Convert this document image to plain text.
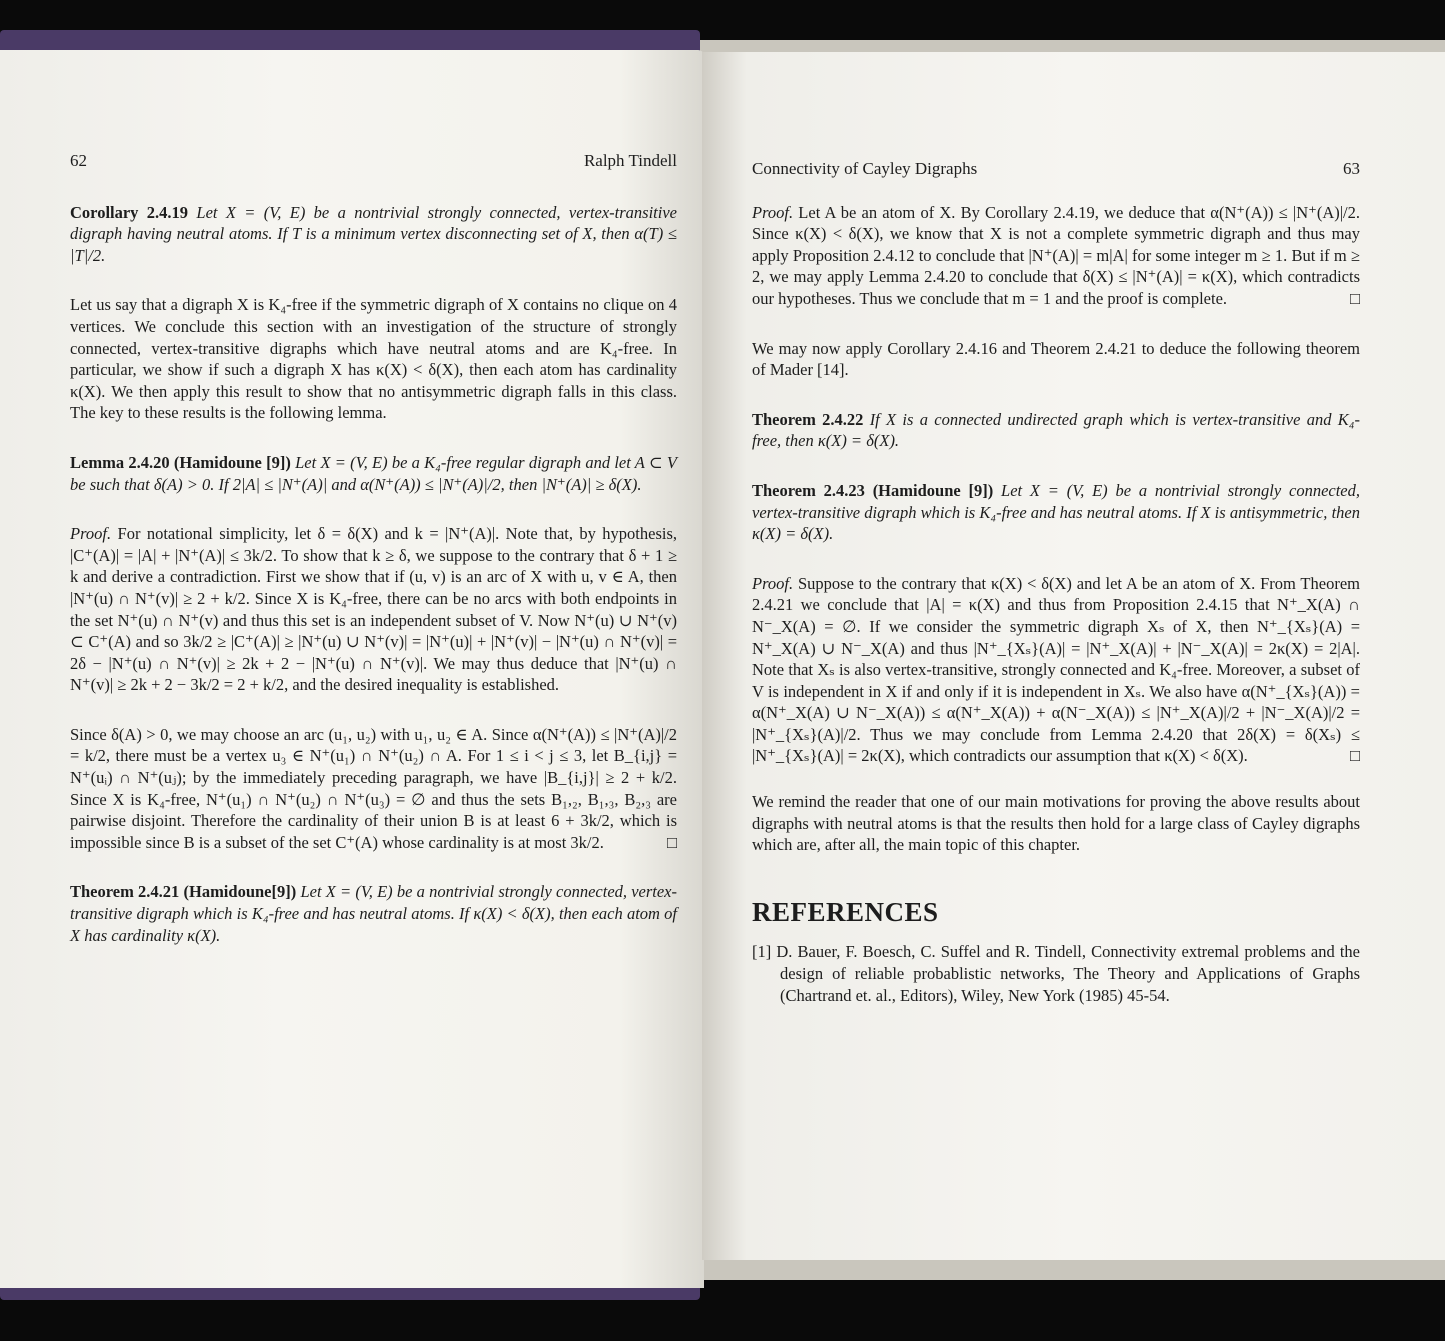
62	Ralph Tindell

Corollary 2.4.19 Let X = (V, E) be a nontrivial strongly connected, vertex-transitive digraph having neutral atoms. If T is a minimum vertex disconnecting set of X, then α(T) ≤ |T|/2.

Let us say that a digraph X is K₄-free if the symmetric digraph of X contains no clique on 4 vertices. We conclude this section with an investigation of the structure of strongly connected, vertex-transitive digraphs which have neutral atoms and are K₄-free. In particular, we show if such a digraph X has κ(X) < δ(X), then each atom has cardinality κ(X). We then apply this result to show that no antisymmetric digraph falls in this class. The key to these results is the following lemma.

Lemma 2.4.20 (Hamidoune [9]) Let X = (V, E) be a K₄-free regular digraph and let A ⊂ V be such that δ(A) > 0. If 2|A| ≤ |N⁺(A)| and α(N⁺(A)) ≤ |N⁺(A)|/2, then |N⁺(A)| ≥ δ(X).

Proof. For notational simplicity, let δ = δ(X) and k = |N⁺(A)|. Note that, by hypothesis, |C⁺(A)| = |A| + |N⁺(A)| ≤ 3k/2. To show that k ≥ δ, we suppose to the contrary that δ + 1 ≥ k and derive a contradiction. First we show that if (u, v) is an arc of X with u, v ∈ A, then |N⁺(u) ∩ N⁺(v)| ≥ 2 + k/2. Since X is K₄-free, there can be no arcs with both endpoints in the set N⁺(u) ∩ N⁺(v) and thus this set is an independent subset of V. Now N⁺(u) ∪ N⁺(v) ⊂ C⁺(A) and so 3k/2 ≥ |C⁺(A)| ≥ |N⁺(u) ∪ N⁺(v)| = |N⁺(u)| + |N⁺(v)| − |N⁺(u) ∩ N⁺(v)| = 2δ − |N⁺(u) ∩ N⁺(v)| ≥ 2k + 2 − |N⁺(u) ∩ N⁺(v)|. We may thus deduce that |N⁺(u) ∩ N⁺(v)| ≥ 2k + 2 − 3k/2 = 2 + k/2, and the desired inequality is established.

Since δ(A) > 0, we may choose an arc (u₁, u₂) with u₁, u₂ ∈ A. Since α(N⁺(A)) ≤ |N⁺(A)|/2 = k/2, there must be a vertex u₃ ∈ N⁺(u₁) ∩ N⁺(u₂) ∩ A. For 1 ≤ i < j ≤ 3, let B_{i,j} = N⁺(uᵢ) ∩ N⁺(uⱼ); by the immediately preceding paragraph, we have |B_{i,j}| ≥ 2 + k/2. Since X is K₄-free, N⁺(u₁) ∩ N⁺(u₂) ∩ N⁺(u₃) = ∅ and thus the sets B₁,₂, B₁,₃, B₂,₃ are pairwise disjoint. Therefore the cardinality of their union B is at least 6 + 3k/2, which is impossible since B is a subset of the set C⁺(A) whose cardinality is at most 3k/2.	□

Theorem 2.4.21 (Hamidoune[9]) Let X = (V, E) be a nontrivial strongly connected, vertex-transitive digraph which is K₄-free and has neutral atoms. If κ(X) < δ(X), then each atom of X has cardinality κ(X).

Connectivity of Cayley Digraphs	63

Proof. Let A be an atom of X. By Corollary 2.4.19, we deduce that α(N⁺(A)) ≤ |N⁺(A)|/2. Since κ(X) < δ(X), we know that X is not a complete symmetric digraph and thus may apply Proposition 2.4.12 to conclude that |N⁺(A)| = m|A| for some integer m ≥ 1. But if m ≥ 2, we may apply Lemma 2.4.20 to conclude that δ(X) ≤ |N⁺(A)| = κ(X), which contradicts our hypotheses. Thus we conclude that m = 1 and the proof is complete.	□

We may now apply Corollary 2.4.16 and Theorem 2.4.21 to deduce the following theorem of Mader [14].

Theorem 2.4.22 If X is a connected undirected graph which is vertex-transitive and K₄-free, then κ(X) = δ(X).

Theorem 2.4.23 (Hamidoune [9]) Let X = (V, E) be a nontrivial strongly connected, vertex-transitive digraph which is K₄-free and has neutral atoms. If X is antisymmetric, then κ(X) = δ(X).

Proof. Suppose to the contrary that κ(X) < δ(X) and let A be an atom of X. From Theorem 2.4.21 we conclude that |A| = κ(X) and thus from Proposition 2.4.15 that N⁺_X(A) ∩ N⁻_X(A) = ∅. If we consider the symmetric digraph Xₛ of X, then N⁺_{Xₛ}(A) = N⁺_X(A) ∪ N⁻_X(A) and thus |N⁺_{Xₛ}(A)| = |N⁺_X(A)| + |N⁻_X(A)| = 2κ(X) = 2|A|. Note that Xₛ is also vertex-transitive, strongly connected and K₄-free. Moreover, a subset of V is independent in X if and only if it is independent in Xₛ. We also have α(N⁺_{Xₛ}(A)) = α(N⁺_X(A) ∪ N⁻_X(A)) ≤ α(N⁺_X(A)) + α(N⁻_X(A)) ≤ |N⁺_X(A)|/2 + |N⁻_X(A)|/2 = |N⁺_{Xₛ}(A)|/2. Thus we may conclude from Lemma 2.4.20 that 2δ(X) = δ(Xₛ) ≤ |N⁺_{Xₛ}(A)| = 2κ(X), which contradicts our assumption that κ(X) < δ(X).	□

We remind the reader that one of our main motivations for proving the above results about digraphs with neutral atoms is that the results then hold for a large class of Cayley digraphs which are, after all, the main topic of this chapter.

REFERENCES

[1] D. Bauer, F. Boesch, C. Suffel and R. Tindell, Connectivity extremal problems and the design of reliable probablistic networks, The Theory and Applications of Graphs (Chartrand et. al., Editors), Wiley, New York (1985) 45-54.
